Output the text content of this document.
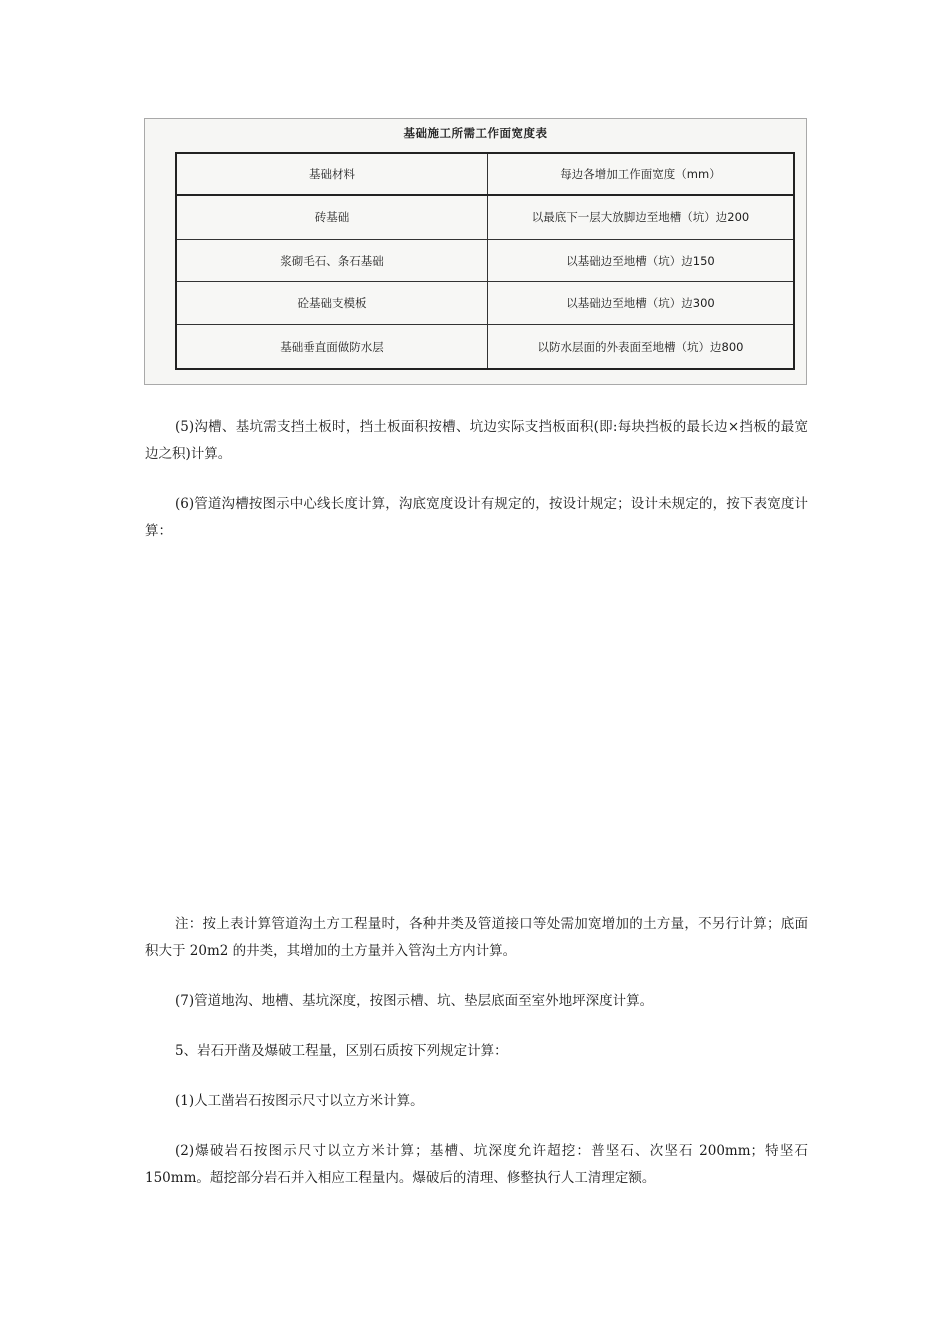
基础施工所需工作面宽度表
基础材料	每边各增加工作面宽度（mm）
砖基础	以最底下一层大放脚边至地槽（坑）边200
浆砌毛石、条石基础	以基础边至地槽（坑）边150
砼基础支模板	以基础边至地槽（坑）边300
基础垂直面做防水层	以防水层面的外表面至地槽（坑）边800

(5)沟槽、基坑需支挡土板时，挡土板面积按槽、坑边实际支挡板面积(即:每块挡板的最长边×挡板的最宽边之积)计算。

(6)管道沟槽按图示中心线长度计算，沟底宽度设计有规定的，按设计规定；设计未规定的，按下表宽度计算：

注：按上表计算管道沟土方工程量时，各种井类及管道接口等处需加宽增加的土方量，不另行计算；底面积大于 20m2 的井类，其增加的土方量并入管沟土方内计算。

(7)管道地沟、地槽、基坑深度，按图示槽、坑、垫层底面至室外地坪深度计算。

5、岩石开凿及爆破工程量，区别石质按下列规定计算：

(1)人工凿岩石按图示尺寸以立方米计算。

(2)爆破岩石按图示尺寸以立方米计算；基槽、坑深度允许超挖：普坚石、次坚石 200mm；特坚石 150mm。超挖部分岩石并入相应工程量内。爆破后的清理、修整执行人工清理定额。
